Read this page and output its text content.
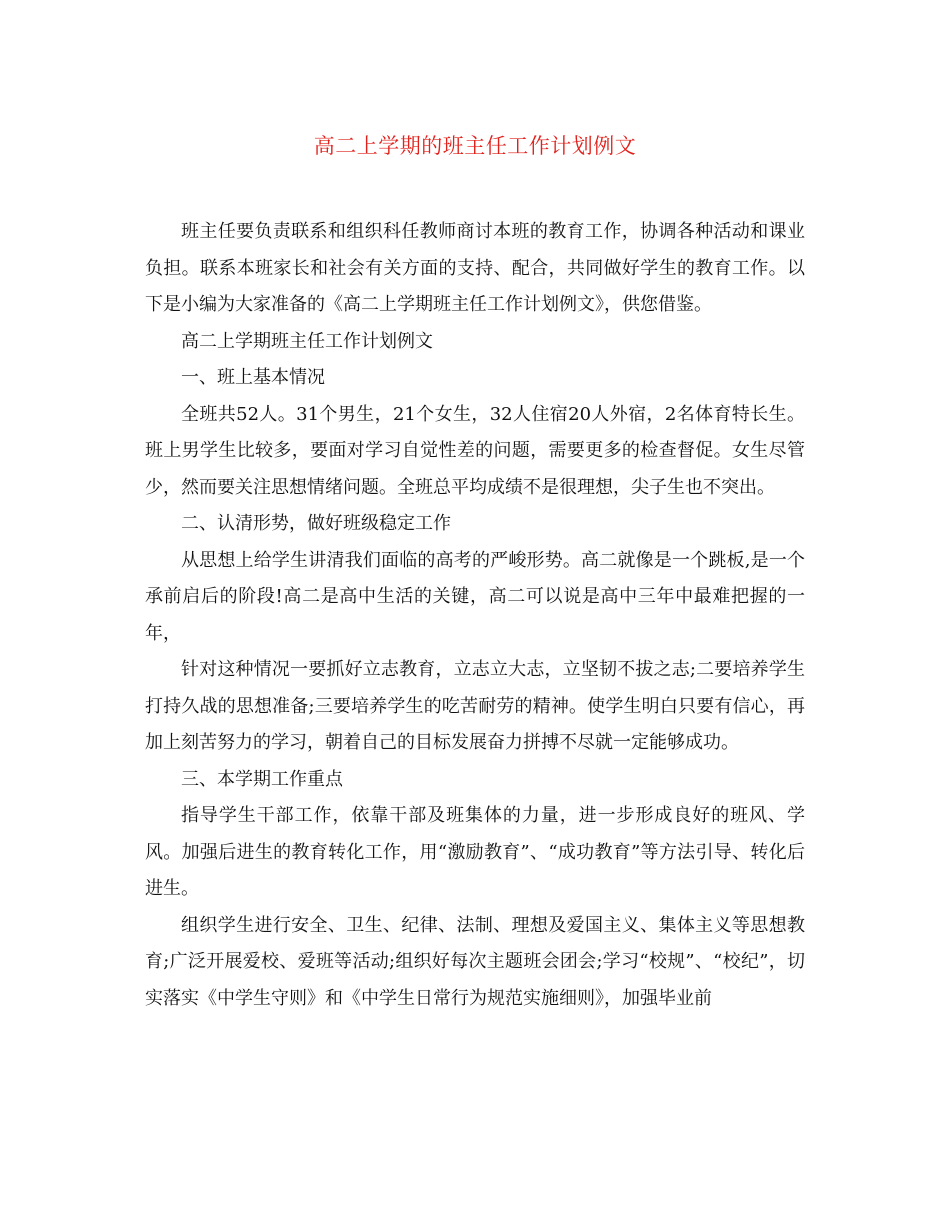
高二上学期的班主任工作计划例文

班主任要负责联系和组织科任教师商讨本班的教育工作，协调各种活动和课业负担。联系本班家长和社会有关方面的支持、配合，共同做好学生的教育工作。以下是小编为大家准备的《高二上学期班主任工作计划例文》，供您借鉴。

高二上学期班主任工作计划例文

一、班上基本情况

全班共52人。31个男生，21个女生，32人住宿20人外宿，2名体育特长生。班上男学生比较多，要面对学习自觉性差的问题，需要更多的检查督促。女生尽管少，然而要关注思想情绪问题。全班总平均成绩不是很理想，尖子生也不突出。

二、认清形势，做好班级稳定工作

从思想上给学生讲清我们面临的高考的严峻形势。高二就像是一个跳板,是一个承前启后的阶段!高二是高中生活的关键，高二可以说是高中三年中最难把握的一年，

针对这种情况一要抓好立志教育，立志立大志，立坚韧不拔之志;二要培养学生打持久战的思想准备;三要培养学生的吃苦耐劳的精神。使学生明白只要有信心，再加上刻苦努力的学习，朝着自己的目标发展奋力拼搏不尽就一定能够成功。

三、本学期工作重点

指导学生干部工作，依靠干部及班集体的力量，进一步形成良好的班风、学风。加强后进生的教育转化工作，用“激励教育”、“成功教育”等方法引导、转化后进生。

组织学生进行安全、卫生、纪律、法制、理想及爱国主义、集体主义等思想教育;广泛开展爱校、爱班等活动;组织好每次主题班会团会;学习“校规”、“校纪”，切实落实《中学生守则》和《中学生日常行为规范实施细则》，加强毕业前
